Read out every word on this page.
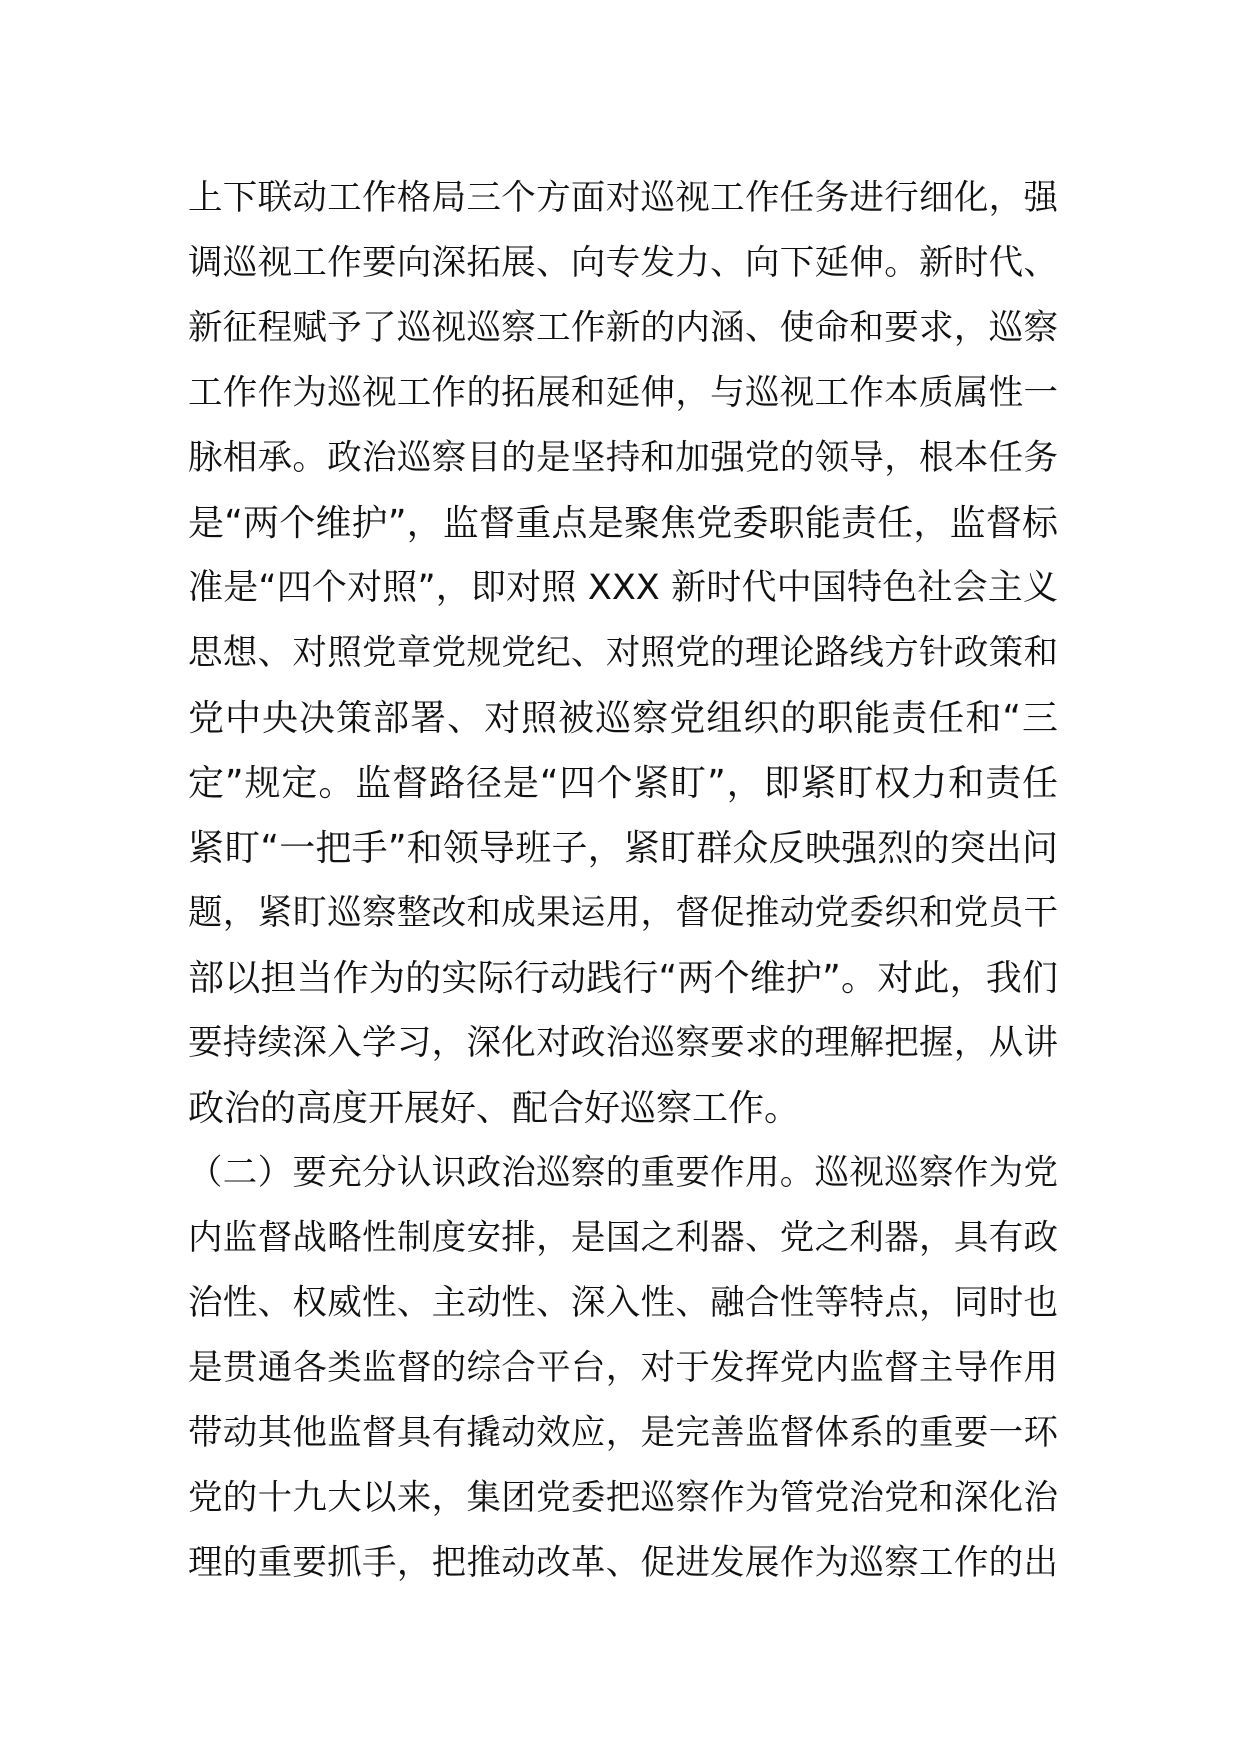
上下联动工作格局三个方面对巡视工作任务进行细化，强
调巡视工作要向深拓展、向专发力、向下延伸。新时代、
新征程赋予了巡视巡察工作新的内涵、使命和要求，巡察
工作作为巡视工作的拓展和延伸，与巡视工作本质属性一
脉相承。政治巡察目的是坚持和加强党的领导，根本任务
是“两个维护”，监督重点是聚焦党委职能责任，监督标
准是“四个对照”，即对照 XXX 新时代中国特色社会主义
思想、对照党章党规党纪、对照党的理论路线方针政策和
党中央决策部署、对照被巡察党组织的职能责任和“三
定”规定。监督路径是“四个紧盯”，即紧盯权力和责任
紧盯“一把手”和领导班子，紧盯群众反映强烈的突出问
题，紧盯巡察整改和成果运用，督促推动党委织和党员干
部以担当作为的实际行动践行“两个维护”。对此，我们
要持续深入学习，深化对政治巡察要求的理解把握，从讲
政治的高度开展好、配合好巡察工作。
（二）要充分认识政治巡察的重要作用。巡视巡察作为党
内监督战略性制度安排，是国之利器、党之利器，具有政
治性、权威性、主动性、深入性、融合性等特点，同时也
是贯通各类监督的综合平台，对于发挥党内监督主导作用
带动其他监督具有撬动效应，是完善监督体系的重要一环
党的十九大以来，集团党委把巡察作为管党治党和深化治
理的重要抓手，把推动改革、促进发展作为巡察工作的出
